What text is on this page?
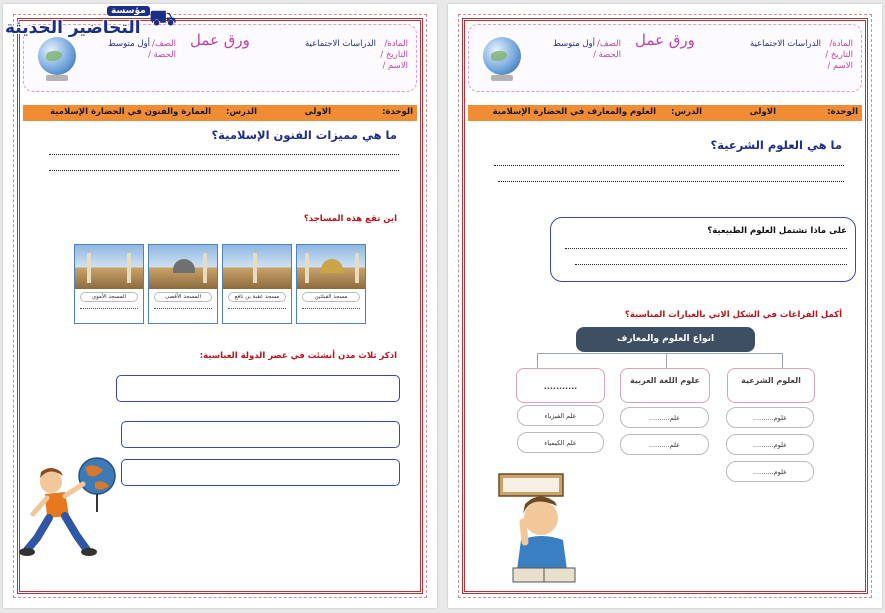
ورق عمل	المادة/
الدراسات الاجتماعية
التاريخ /
الاسم /
الصف/
أول متوسط
الحصة /
الوحدة:
الاولى
الدرس:
العمارة والفنون في الحضارة الإسلامية
ما هي مميزات الفنون الإسلامية؟
اين تقع هذه المساجد؟
مسجد القبلتين
مسجد عقبة بن نافع
المسجد الأقصى
المسجد الأموي
اذكر ثلاث مدن أنشئت في عصر الدولة العباسية:
التحاضير الحديثة
مؤسسة ⛟
ورق عمل	المادة/
الدراسات الاجتماعية
التاريخ /
الاسم /
الصف/
أول متوسط
الحصة /
الوحدة:
الاولى
الدرس:
العلوم والمعارف في الحضارة الإسلامية
ما هي العلوم الشرعية؟
على ماذا تشتمل العلوم الطبيعية؟
أكمل الفراغات في الشكل الاتي بالعبارات المناسبة؟
انواع العلوم والمعارف
العلوم الشرعية
علوم اللغة العربية
...........
علوم..........
علوم..........
علوم..........
علم..........
علم..........
علم الفيزياء
علم الكيمياء
